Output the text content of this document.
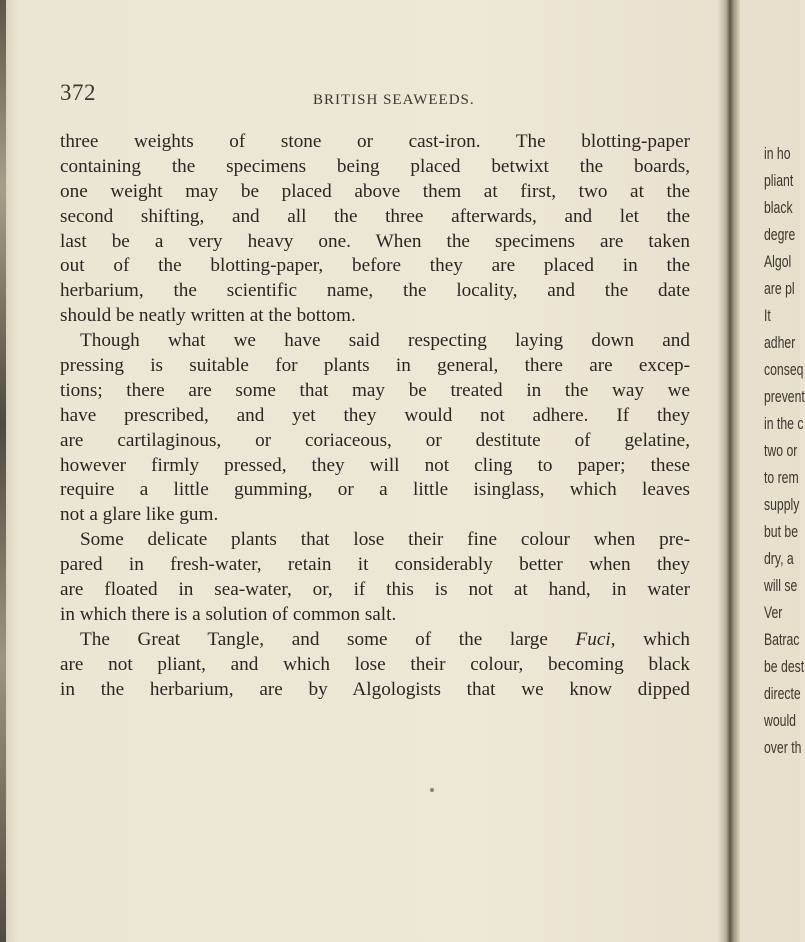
372	BRITISH SEAWEEDS.
three weights of stone or cast-iron. The blotting-paper
containing the specimens being placed betwixt the boards,
one weight may be placed above them at first, two at the
second shifting, and all the three afterwards, and let the
last be a very heavy one. When the specimens are taken
out of the blotting-paper, before they are placed in the
herbarium, the scientific name, the locality, and the date
should be neatly written at the bottom.
Though what we have said respecting laying down and
pressing is suitable for plants in general, there are excep-
tions; there are some that may be treated in the way we
have prescribed, and yet they would not adhere. If they
are cartilaginous, or coriaceous, or destitute of gelatine,
however firmly pressed, they will not cling to paper; these
require a little gumming, or a little isinglass, which leaves
not a glare like gum.
Some delicate plants that lose their fine colour when pre-
pared in fresh-water, retain it considerably better when they
are floated in sea-water, or, if this is not at hand, in water
in which there is a solution of common salt.
The Great Tangle, and some of the large Fuci, which
are not pliant, and which lose their colour, becoming black
in the herbarium, are by Algologists that we know dipped
in ho
pliant
black
degre
Algol
are pl
It
adher
conseq
prevent
in the c
two or
to rem
supply
but be
dry, a
will se
Ver
Batrac
be dest
directe
would
over th
